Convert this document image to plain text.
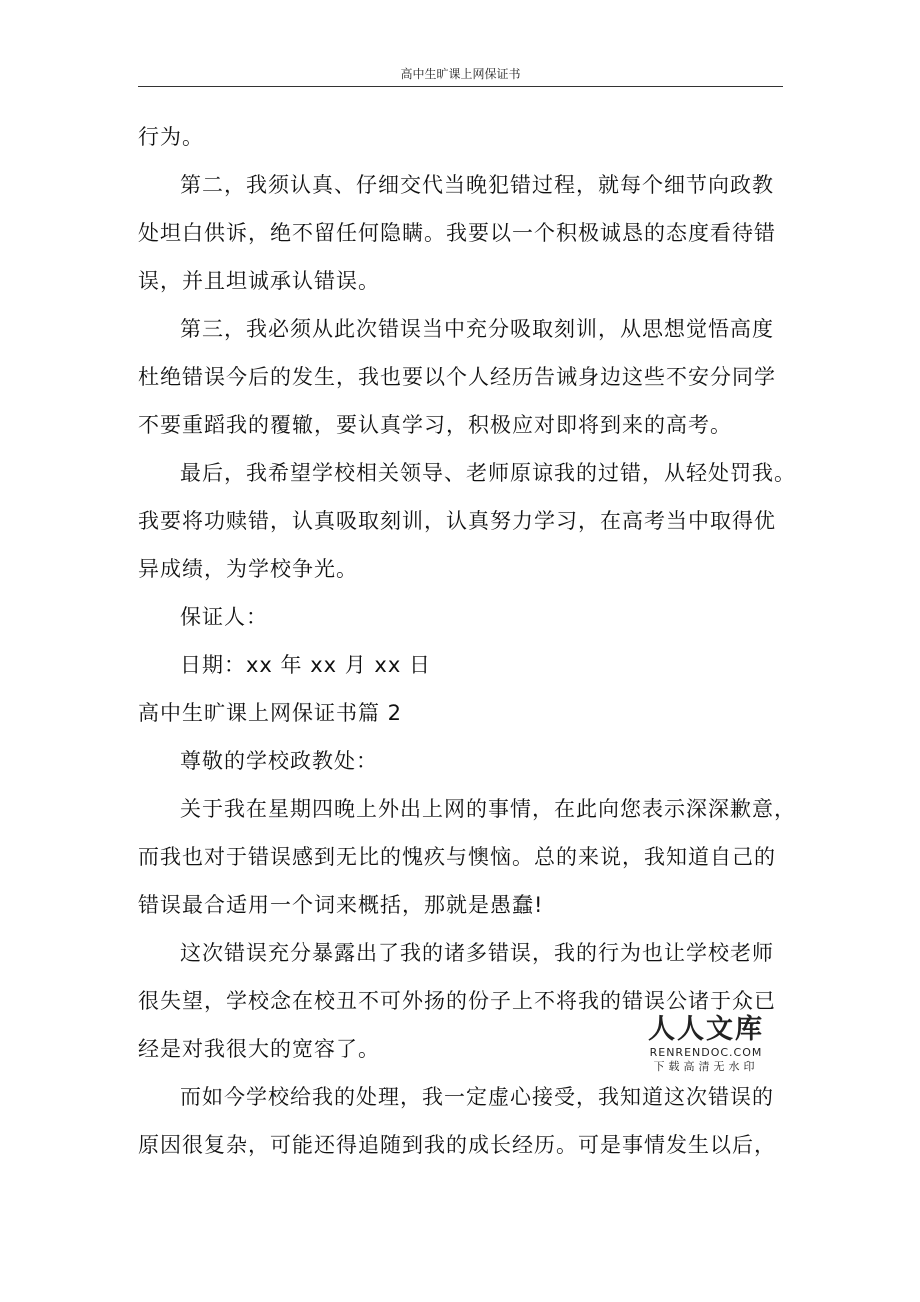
高中生旷课上网保证书
行为。
第二，我须认真、仔细交代当晚犯错过程，就每个细节向政教
处坦白供诉，绝不留任何隐瞒。我要以一个积极诚恳的态度看待错
误，并且坦诚承认错误。
第三，我必须从此次错误当中充分吸取刻训，从思想觉悟高度
杜绝错误今后的发生，我也要以个人经历告诫身边这些不安分同学
不要重蹈我的覆辙，要认真学习，积极应对即将到来的高考。
最后，我希望学校相关领导、老师原谅我的过错，从轻处罚我。
我要将功赎错，认真吸取刻训，认真努力学习，在高考当中取得优
异成绩，为学校争光。
保证人：
日期：xx 年 xx 月 xx 日
高中生旷课上网保证书篇 2
尊敬的学校政教处：
关于我在星期四晚上外出上网的事情，在此向您表示深深歉意，
而我也对于错误感到无比的愧疚与懊恼。总的来说，我知道自己的
错误最合适用一个词来概括，那就是愚蠢!
这次错误充分暴露出了我的诸多错误，我的行为也让学校老师
很失望，学校念在校丑不可外扬的份子上不将我的错误公诸于众已
经是对我很大的宽容了。
而如今学校给我的处理，我一定虚心接受，我知道这次错误的
原因很复杂，可能还得追随到我的成长经历。可是事情发生以后，
人人文库
RENRENDOC.COM
下载高清无水印
